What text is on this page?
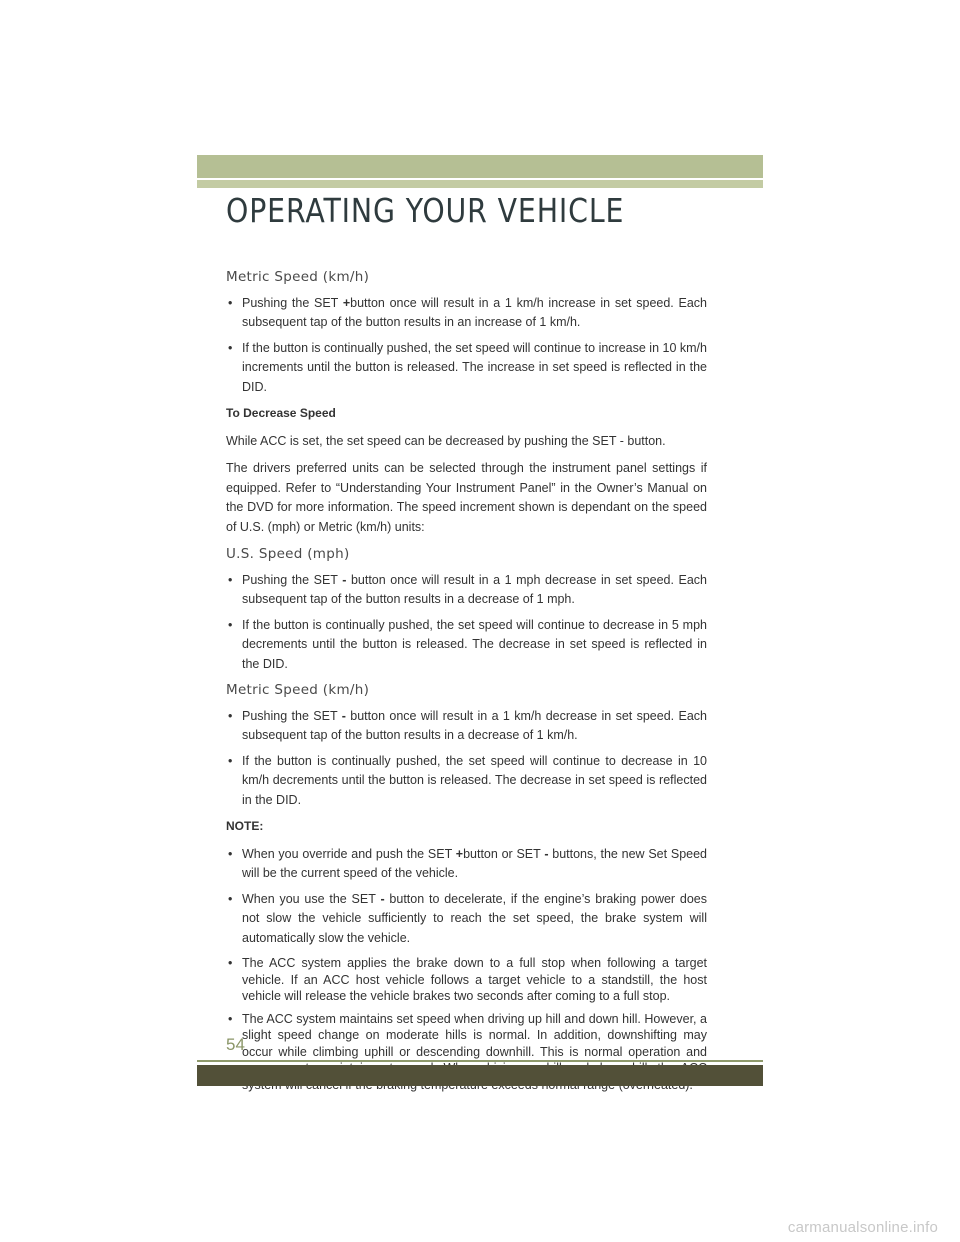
OPERATING YOUR VEHICLE
Metric Speed (km/h)
• Pushing the SET +button once will result in a 1 km/h increase in set speed. Each subsequent tap of the button results in an increase of 1 km/h.
• If the button is continually pushed, the set speed will continue to increase in 10 km/h increments until the button is released. The increase in set speed is reflected in the DID.
To Decrease Speed

While ACC is set, the set speed can be decreased by pushing the SET - button.

The drivers preferred units can be selected through the instrument panel settings if equipped. Refer to “Understanding Your Instrument Panel” in the Owner’s Manual on the DVD for more information. The speed increment shown is dependant on the speed of U.S. (mph) or Metric (km/h) units:

U.S. Speed (mph)
• Pushing the SET - button once will result in a 1 mph decrease in set speed. Each subsequent tap of the button results in a decrease of 1 mph.
• If the button is continually pushed, the set speed will continue to decrease in 5 mph decrements until the button is released. The decrease in set speed is reflected in the DID.
Metric Speed (km/h)
• Pushing the SET - button once will result in a 1 km/h decrease in set speed. Each subsequent tap of the button results in a decrease of 1 km/h.
• If the button is continually pushed, the set speed will continue to decrease in 10 km/h decrements until the button is released. The decrease in set speed is reflected in the DID.
NOTE:
• When you override and push the SET +button or SET - buttons, the new Set Speed will be the current speed of the vehicle.
• When you use the SET - button to decelerate, if the engine’s braking power does not slow the vehicle sufficiently to reach the set speed, the brake system will automatically slow the vehicle.
• The ACC system applies the brake down to a full stop when following a target vehicle. If an ACC host vehicle follows a target vehicle to a standstill, the host vehicle will release the vehicle brakes two seconds after coming to a full stop.
• The ACC system maintains set speed when driving up hill and down hill. However, a slight speed change on moderate hills is normal. In addition, downshifting may occur while climbing uphill or descending downhill. This is normal operation and
54
carmanualsonline.info
